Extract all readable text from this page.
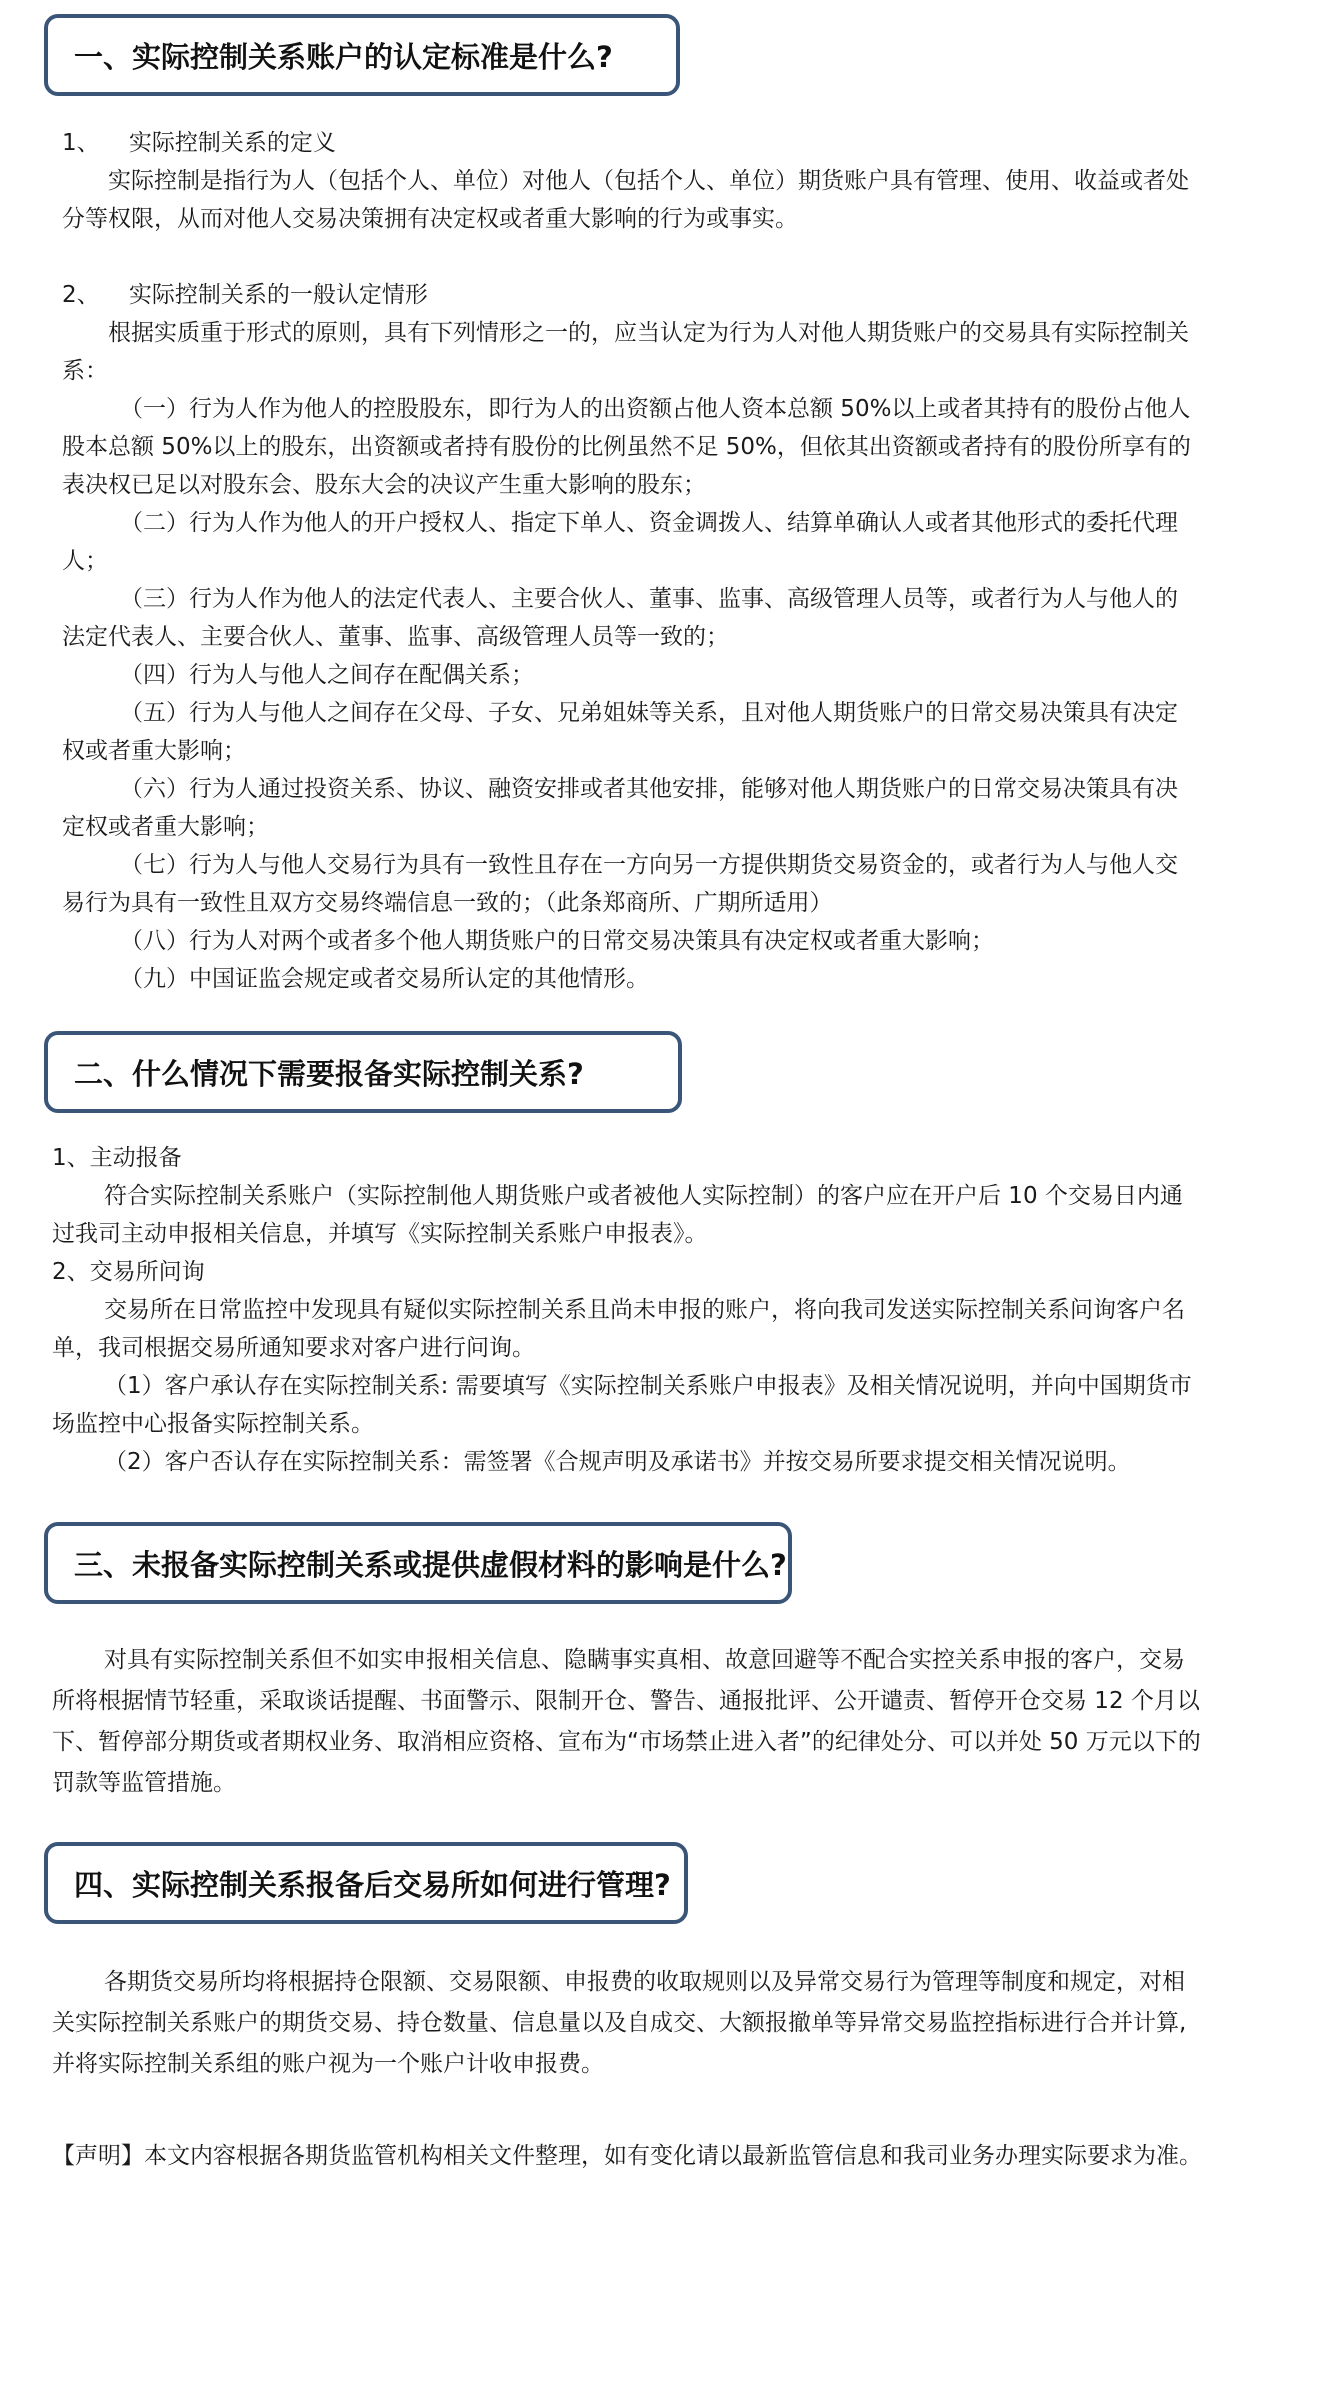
一、实际控制关系账户的认定标准是什么?

1、    实际控制关系的定义

实际控制是指行为人（包括个人、单位）对他人（包括个人、单位）期货账户具有管理、使用、收益或者处分等权限，从而对他人交易决策拥有决定权或者重大影响的行为或事实。

2、    实际控制关系的一般认定情形

根据实质重于形式的原则，具有下列情形之一的，应当认定为行为人对他人期货账户的交易具有实际控制关系：

（一）行为人作为他人的控股股东，即行为人的出资额占他人资本总额 50%以上或者其持有的股份占他人股本总额 50%以上的股东，出资额或者持有股份的比例虽然不足 50%，但依其出资额或者持有的股份所享有的表决权已足以对股东会、股东大会的决议产生重大影响的股东；

（二）行为人作为他人的开户授权人、指定下单人、资金调拨人、结算单确认人或者其他形式的委托代理人；

（三）行为人作为他人的法定代表人、主要合伙人、董事、监事、高级管理人员等，或者行为人与他人的法定代表人、主要合伙人、董事、监事、高级管理人员等一致的；

（四）行为人与他人之间存在配偶关系；

（五）行为人与他人之间存在父母、子女、兄弟姐妹等关系，且对他人期货账户的日常交易决策具有决定权或者重大影响；

（六）行为人通过投资关系、协议、融资安排或者其他安排，能够对他人期货账户的日常交易决策具有决定权或者重大影响；

（七）行为人与他人交易行为具有一致性且存在一方向另一方提供期货交易资金的，或者行为人与他人交易行为具有一致性且双方交易终端信息一致的；（此条郑商所、广期所适用）

（八）行为人对两个或者多个他人期货账户的日常交易决策具有决定权或者重大影响；

（九）中国证监会规定或者交易所认定的其他情形。

二、什么情况下需要报备实际控制关系?

1、主动报备

符合实际控制关系账户（实际控制他人期货账户或者被他人实际控制）的客户应在开户后 10 个交易日内通过我司主动申报相关信息，并填写《实际控制关系账户申报表》。

2、交易所问询

交易所在日常监控中发现具有疑似实际控制关系且尚未申报的账户，将向我司发送实际控制关系问询客户名单，我司根据交易所通知要求对客户进行问询。

（1）客户承认存在实际控制关系: 需要填写《实际控制关系账户申报表》及相关情况说明，并向中国期货市场监控中心报备实际控制关系。

（2）客户否认存在实际控制关系：需签署《合规声明及承诺书》并按交易所要求提交相关情况说明。

三、未报备实际控制关系或提供虚假材料的影响是什么?

对具有实际控制关系但不如实申报相关信息、隐瞒事实真相、故意回避等不配合实控关系申报的客户，交易所将根据情节轻重，采取谈话提醒、书面警示、限制开仓、警告、通报批评、公开谴责、暂停开仓交易 12 个月以下、暂停部分期货或者期权业务、取消相应资格、宣布为“市场禁止进入者”的纪律处分、可以并处 50 万元以下的罚款等监管措施。

四、实际控制关系报备后交易所如何进行管理?

各期货交易所均将根据持仓限额、交易限额、申报费的收取规则以及异常交易行为管理等制度和规定，对相关实际控制关系账户的期货交易、持仓数量、信息量以及自成交、大额报撤单等异常交易监控指标进行合并计算,并将实际控制关系组的账户视为一个账户计收申报费。

【声明】本文内容根据各期货监管机构相关文件整理，如有变化请以最新监管信息和我司业务办理实际要求为准。
